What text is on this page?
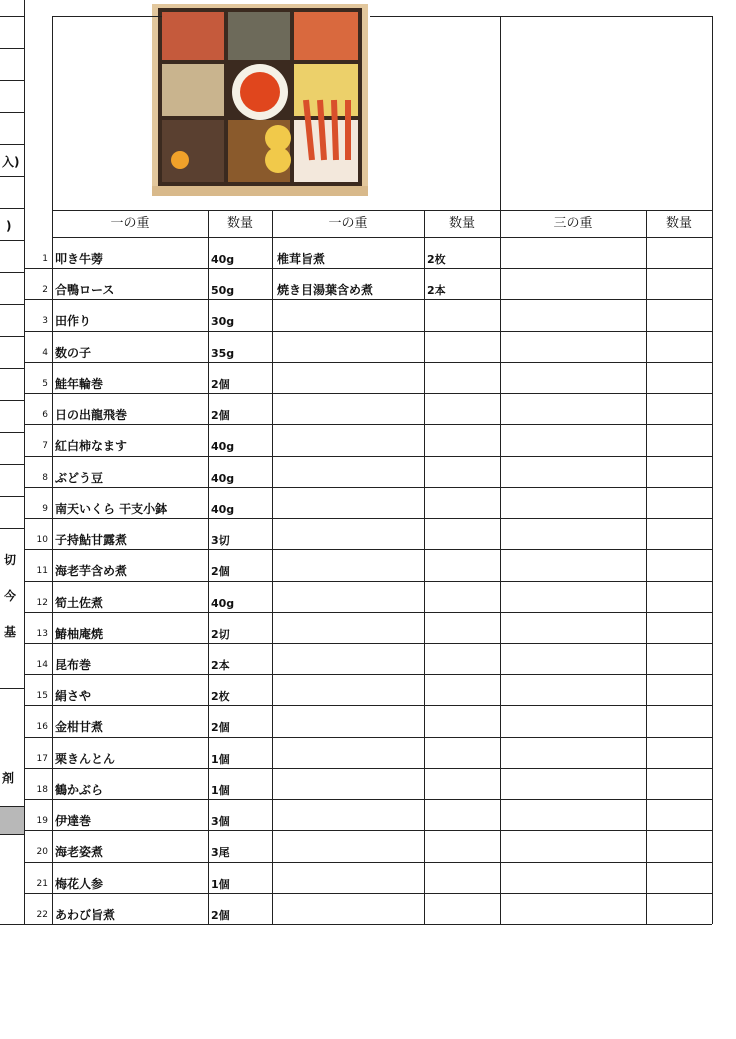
一の重	数量	一の重	数量	三の重	数量
1 叩き牛蒡	40g	椎茸旨煮	2枚
2 合鴨ロース	50g	焼き目湯葉含め煮	2本
3 田作り	30g
4 数の子	35g
5 鮭年輪巻	2個
6 日の出龍飛巻	2個
7 紅白柿なます	40g
8 ぶどう豆	40g
9 南天いくら 干支小鉢	40g
10 子持鮎甘露煮	3切
11 海老芋含め煮	2個
12 筍土佐煮	40g
13 鰆柚庵焼	2切
14 昆布巻	2本
15 絹さや	2枚
16 金柑甘煮	2個
17 栗きんとん	1個
18 鶴かぶら	1個
19 伊達巻	3個
20 海老姿煮	3尾
21 梅花人参	1個
22 あわび旨煮	2個
入)
)
切
今
基
剤
